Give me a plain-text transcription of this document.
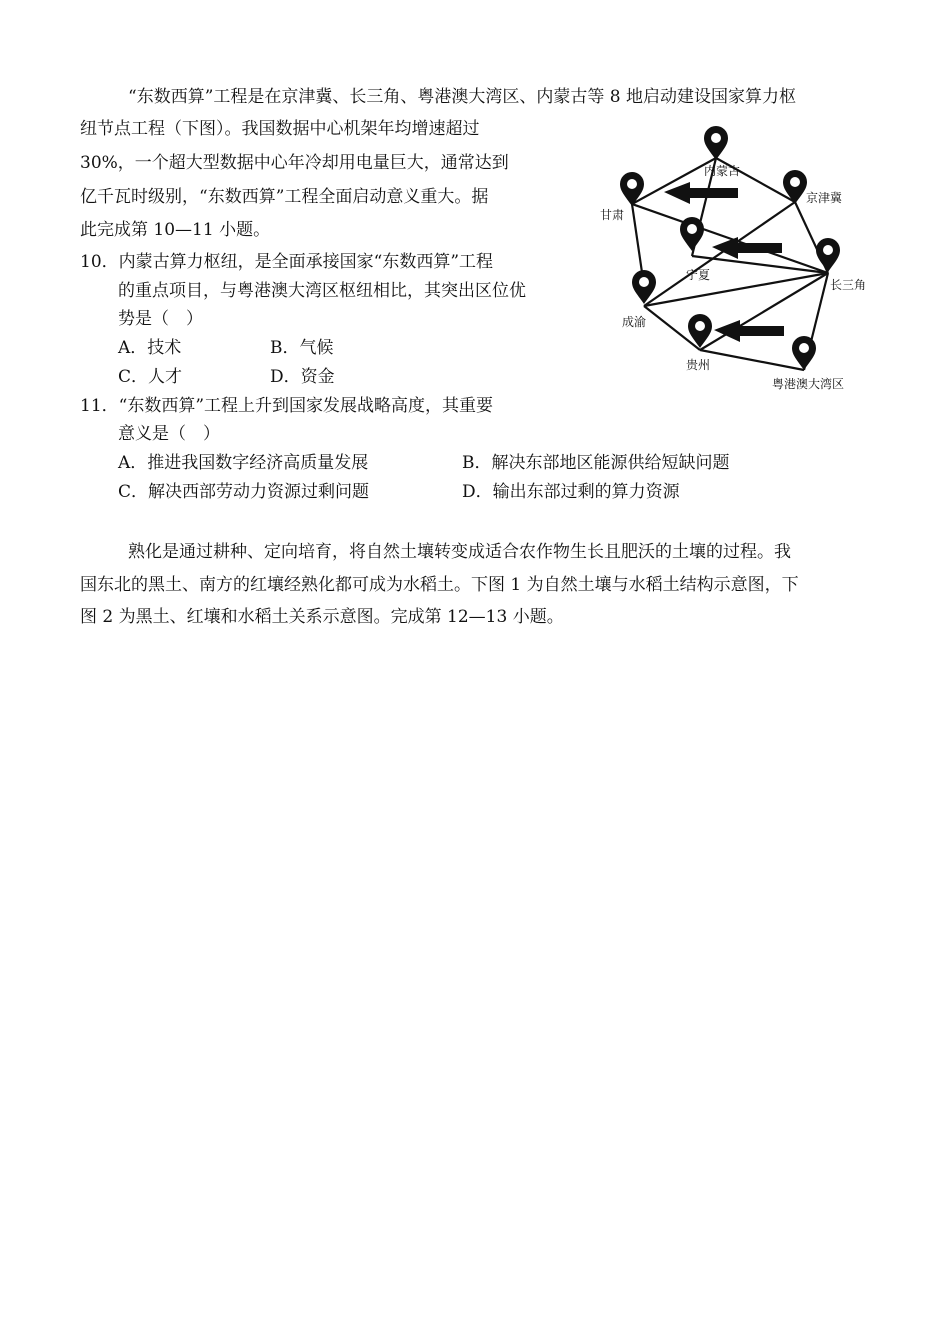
“东数西算”工程是在京津冀、长三角、粤港澳大湾区、内蒙古等 8 地启动建设国家算力枢
纽节点工程（下图）。我国数据中心机架年均增速超过
30%，一个超大型数据中心年冷却用电量巨大，通常达到
亿千瓦时级别，“东数西算”工程全面启动意义重大。据
此完成第 10—11 小题。
10．内蒙古算力枢纽，是全面承接国家“东数西算”工程
的重点项目，与粤港澳大湾区枢纽相比，其突出区位优
势是（　）
A．技术	B．气候
C．人才	D．资金
11．“东数西算”工程上升到国家发展战略高度，其重要
意义是（　）
A．推进我国数字经济高质量发展	B．解决东部地区能源供给短缺问题
C．解决西部劳动力资源过剩问题	D．输出东部过剩的算力资源
熟化是通过耕种、定向培育，将自然土壤转变成适合农作物生长且肥沃的土壤的过程。我
国东北的黑土、南方的红壤经熟化都可成为水稻土。下图 1 为自然土壤与水稻土结构示意图，下
图 2 为黑土、红壤和水稻土关系示意图。完成第 12—13 小题。
内蒙古
京津冀
甘肃
宁夏
长三角
成渝
贵州
粤港澳大湾区
